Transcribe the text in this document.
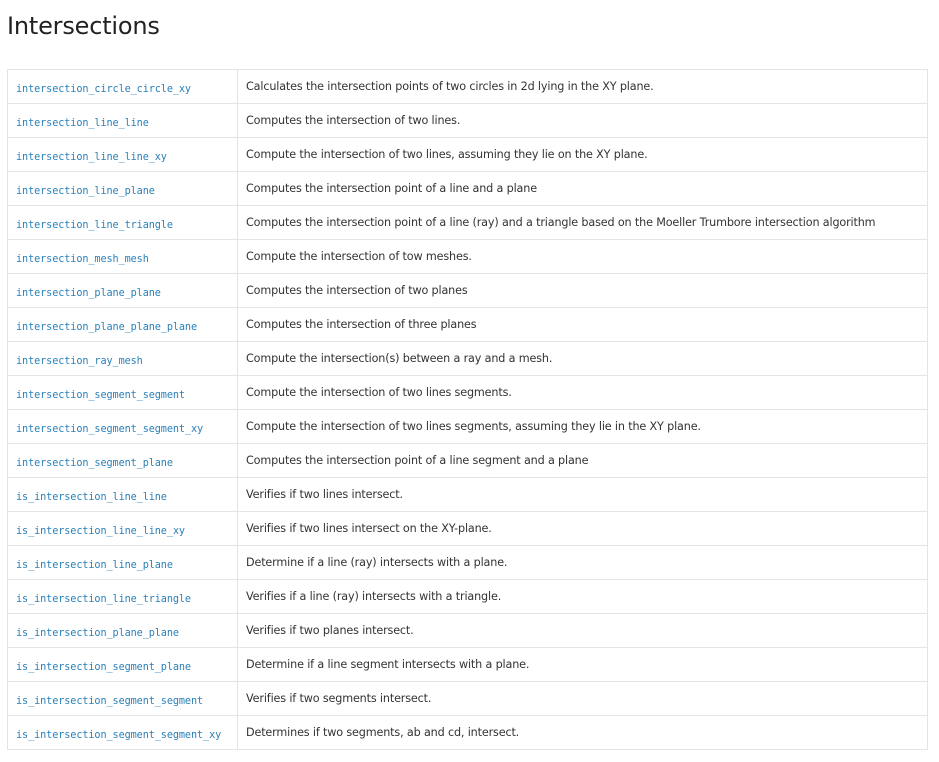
Intersections
intersection_circle_circle_xy	Calculates the intersection points of two circles in 2d lying in the XY plane.
intersection_line_line	Computes the intersection of two lines.
intersection_line_line_xy	Compute the intersection of two lines, assuming they lie on the XY plane.
intersection_line_plane	Computes the intersection point of a line and a plane
intersection_line_triangle	Computes the intersection point of a line (ray) and a triangle based on the Moeller Trumbore intersection algorithm
intersection_mesh_mesh	Compute the intersection of tow meshes.
intersection_plane_plane	Computes the intersection of two planes
intersection_plane_plane_plane	Computes the intersection of three planes
intersection_ray_mesh	Compute the intersection(s) between a ray and a mesh.
intersection_segment_segment	Compute the intersection of two lines segments.
intersection_segment_segment_xy	Compute the intersection of two lines segments, assuming they lie in the XY plane.
intersection_segment_plane	Computes the intersection point of a line segment and a plane
is_intersection_line_line	Verifies if two lines intersect.
is_intersection_line_line_xy	Verifies if two lines intersect on the XY-plane.
is_intersection_line_plane	Determine if a line (ray) intersects with a plane.
is_intersection_line_triangle	Verifies if a line (ray) intersects with a triangle.
is_intersection_plane_plane	Verifies if two planes intersect.
is_intersection_segment_plane	Determine if a line segment intersects with a plane.
is_intersection_segment_segment	Verifies if two segments intersect.
is_intersection_segment_segment_xy	Determines if two segments, ab and cd, intersect.
